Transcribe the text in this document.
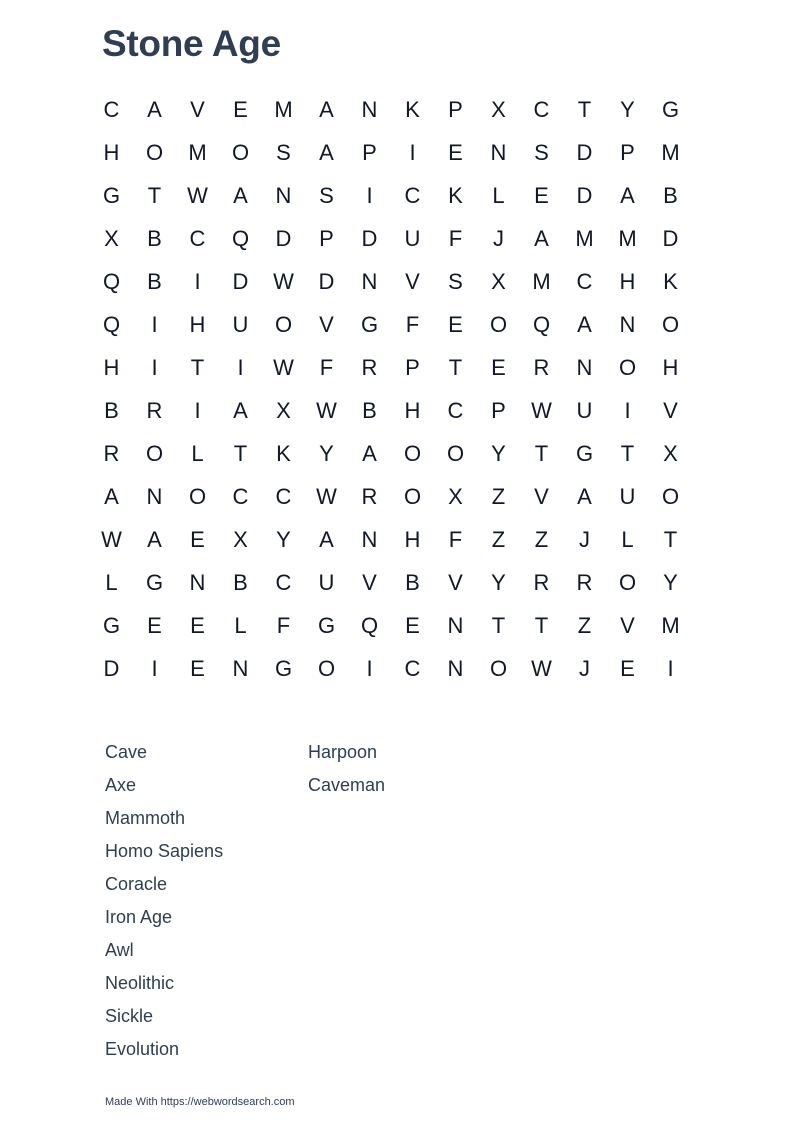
Stone Age
C	A	V	E	M	A	N	K	P	X	C	T	Y	G
H	O	M	O	S	A	P	I	E	N	S	D	P	M
G	T	W	A	N	S	I	C	K	L	E	D	A	B
X	B	C	Q	D	P	D	U	F	J	A	M	M	D
Q	B	I	D	W	D	N	V	S	X	M	C	H	K
Q	I	H	U	O	V	G	F	E	O	Q	A	N	O
H	I	T	I	W	F	R	P	T	E	R	N	O	H
B	R	I	A	X	W	B	H	C	P	W	U	I	V
R	O	L	T	K	Y	A	O	O	Y	T	G	T	X
A	N	O	C	C	W	R	O	X	Z	V	A	U	O
W	A	E	X	Y	A	N	H	F	Z	Z	J	L	T
L	G	N	B	C	U	V	B	V	Y	R	R	O	Y
G	E	E	L	F	G	Q	E	N	T	T	Z	V	M
D	I	E	N	G	O	I	C	N	O	W	J	E	I
Cave
Axe
Mammoth
Homo Sapiens
Coracle
Iron Age
Awl
Neolithic
Sickle
Evolution
Harpoon
Caveman
Made With https://webwordsearch.com
